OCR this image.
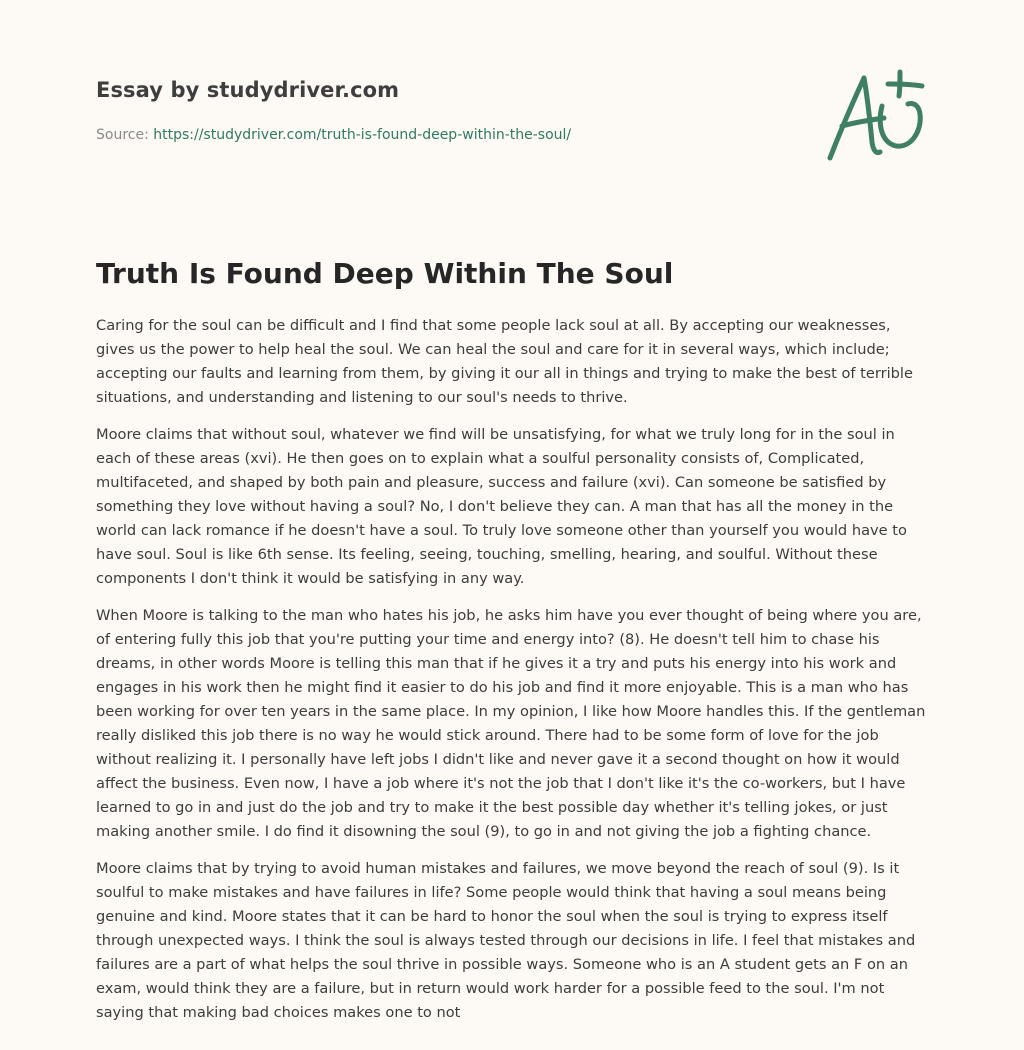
Essay by studydriver.com
Source: https://studydriver.com/truth-is-found-deep-within-the-soul/
Truth Is Found Deep Within The Soul

Caring for the soul can be difficult and I find that some people lack soul at all. By accepting our weaknesses, gives us the power to help heal the soul. We can heal the soul and care for it in several ways, which include; accepting our faults and learning from them, by giving it our all in things and trying to make the best of terrible situations, and understanding and listening to our soul's needs to thrive.

Moore claims that without soul, whatever we find will be unsatisfying, for what we truly long for in the soul in each of these areas (xvi). He then goes on to explain what a soulful personality consists of, Complicated, multifaceted, and shaped by both pain and pleasure, success and failure (xvi). Can someone be satisfied by something they love without having a soul? No, I don't believe they can. A man that has all the money in the world can lack romance if he doesn't have a soul. To truly love someone other than yourself you would have to have soul. Soul is like 6th sense. Its feeling, seeing, touching, smelling, hearing, and soulful. Without these components I don't think it would be satisfying in any way.

When Moore is talking to the man who hates his job, he asks him have you ever thought of being where you are, of entering fully this job that you're putting your time and energy into? (8). He doesn't tell him to chase his dreams, in other words Moore is telling this man that if he gives it a try and puts his energy into his work and engages in his work then he might find it easier to do his job and find it more enjoyable. This is a man who has been working for over ten years in the same place. In my opinion, I like how Moore handles this. If the gentleman really disliked this job there is no way he would stick around. There had to be some form of love for the job without realizing it. I personally have left jobs I didn't like and never gave it a second thought on how it would affect the business. Even now, I have a job where it's not the job that I don't like it's the co-workers, but I have learned to go in and just do the job and try to make it the best possible day whether it's telling jokes, or just making another smile. I do find it disowning the soul (9), to go in and not giving the job a fighting chance.

Moore claims that by trying to avoid human mistakes and failures, we move beyond the reach of soul (9). Is it soulful to make mistakes and have failures in life? Some people would think that having a soul means being genuine and kind. Moore states that it can be hard to honor the soul when the soul is trying to express itself through unexpected ways. I think the soul is always tested through our decisions in life. I feel that mistakes and failures are a part of what helps the soul thrive in possible ways. Someone who is an A student gets an F on an exam, would think they are a failure, but in return would work harder for a possible feed to the soul. I'm not saying that making bad choices makes one to not
